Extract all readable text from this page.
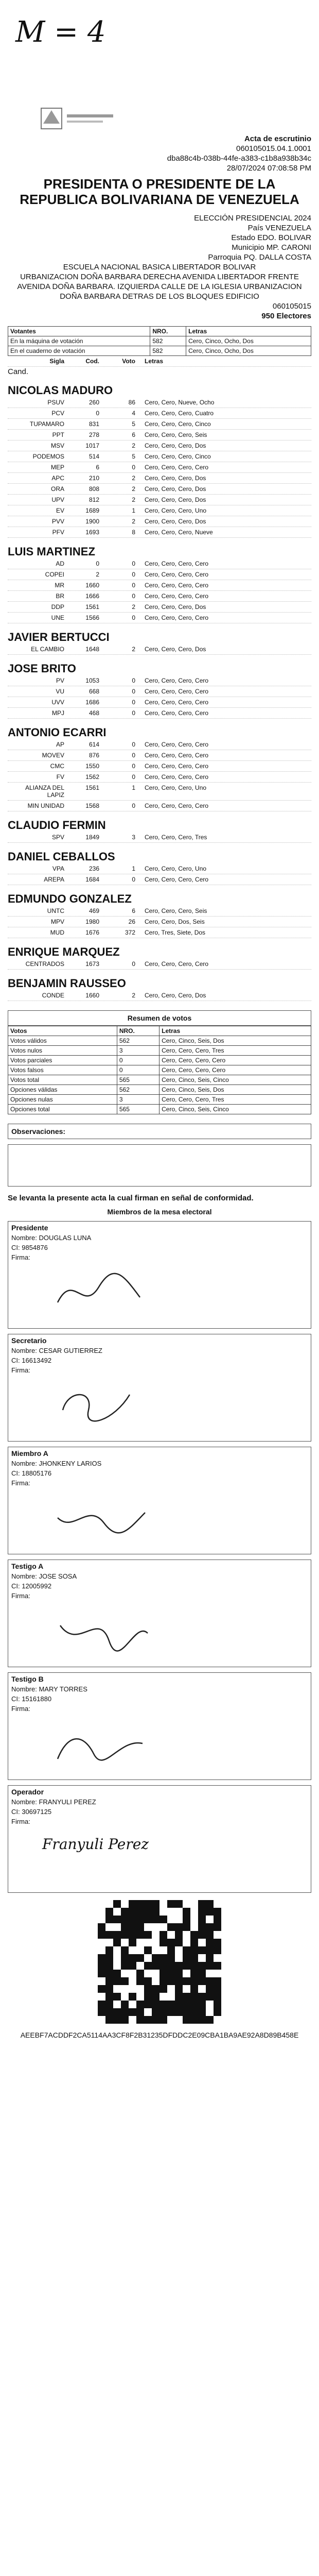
M = 4
Acta de escrutinio
060105015.04.1.0001
dba88c4b-038b-44fe-a383-c1b8a938b34c
28/07/2024 07:08:58 PM
PRESIDENTA O PRESIDENTE DE LA REPUBLICA BOLIVARIANA DE VENEZUELA
ELECCIÓN PRESIDENCIAL 2024
País VENEZUELA
Estado EDO. BOLIVAR
Municipio MP. CARONI
Parroquia PQ. DALLA COSTA
ESCUELA NACIONAL BASICA LIBERTADOR BOLIVAR
URBANIZACION DOÑA BARBARA DERECHA AVENIDA LIBERTADOR FRENTE AVENIDA DOÑA BARBARA. IZQUIERDA CALLE DE LA IGLESIA URBANIZACION DOÑA BARBARA DETRAS DE LOS BLOQUES EDIFICIO
060105015
950 Electores
Votantes	NRO.	Letras
En la máquina de votación	582	Cero, Cinco, Ocho, Dos
En el cuaderno de votación	582	Cero, Cinco, Ocho, Dos
Sigla	Cod.	Voto	Letras
Cand.
NICOLAS MADURO
PSUV	260	86	Cero, Cero, Nueve, Ocho
PCV	0	4	Cero, Cero, Cero, Cuatro
TUPAMARO	831	5	Cero, Cero, Cero, Cinco
PPT	278	6	Cero, Cero, Cero, Seis
MSV	1017	2	Cero, Cero, Cero, Dos
PODEMOS	514	5	Cero, Cero, Cero, Cinco
MEP	6	0	Cero, Cero, Cero, Cero
APC	210	2	Cero, Cero, Cero, Dos
ORA	808	2	Cero, Cero, Cero, Dos
UPV	812	2	Cero, Cero, Cero, Dos
EV	1689	1	Cero, Cero, Cero, Uno
PVV	1900	2	Cero, Cero, Cero, Dos
PFV	1693	8	Cero, Cero, Cero, Nueve
LUIS MARTINEZ
AD	0	0	Cero, Cero, Cero, Cero
COPEI	2	0	Cero, Cero, Cero, Cero
MR	1660	0	Cero, Cero, Cero, Cero
BR	1666	0	Cero, Cero, Cero, Cero
DDP	1561	2	Cero, Cero, Cero, Dos
UNE	1566	0	Cero, Cero, Cero, Cero
JAVIER BERTUCCI
EL CAMBIO	1648	2	Cero, Cero, Cero, Dos
JOSE BRITO
PV	1053	0	Cero, Cero, Cero, Cero
VU	668	0	Cero, Cero, Cero, Cero
UVV	1686	0	Cero, Cero, Cero, Cero
MPJ	468	0	Cero, Cero, Cero, Cero
ANTONIO ECARRI
AP	614	0	Cero, Cero, Cero, Cero
MOVEV	876	0	Cero, Cero, Cero, Cero
CMC	1550	0	Cero, Cero, Cero, Cero
FV	1562	0	Cero, Cero, Cero, Cero
ALIANZA DEL LAPIZ
1561	1	Cero, Cero, Cero, Uno
MIN UNIDAD	1568	0	Cero, Cero, Cero, Cero
CLAUDIO FERMIN
SPV	1849	3	Cero, Cero, Cero, Tres
DANIEL CEBALLOS
VPA	236	1	Cero, Cero, Cero, Uno
AREPA	1684	0	Cero, Cero, Cero, Cero
EDMUNDO GONZALEZ
UNTC	469	6	Cero, Cero, Cero, Seis
MPV	1980	26	Cero, Cero, Dos, Seis
MUD	1676	372	Cero, Tres, Siete, Dos
ENRIQUE MARQUEZ
CENTRADOS	1673	0	Cero, Cero, Cero, Cero
BENJAMIN RAUSSEO
CONDE	1660	2	Cero, Cero, Cero, Dos
Resumen de votos
Votos	NRO.	Letras
Votos válidos	562	Cero, Cinco, Seis, Dos
Votos nulos	3	Cero, Cero, Cero, Tres
Votos parciales	0	Cero, Cero, Cero, Cero
Votos falsos	0	Cero, Cero, Cero, Cero
Votos total	565	Cero, Cinco, Seis, Cinco
Opciones válidas	562	Cero, Cinco, Seis, Dos
Opciones nulas	3	Cero, Cero, Cero, Tres
Opciones total	565	Cero, Cinco, Seis, Cinco
Observaciones:
Se levanta la presente acta la cual firman en señal de conformidad.
Miembros de la mesa electoral
Presidente
Nombre: DOUGLAS LUNA
CI: 9854876
Firma:
Secretario
Nombre: CESAR GUTIERREZ
CI: 16613492
Firma:
Miembro A
Nombre: JHONKENY LARIOS
CI: 18805176
Firma:
Testigo A
Nombre: JOSE SOSA
CI: 12005992
Firma:
Testigo B
Nombre: MARY TORRES
CI: 15161880
Firma:
Operador
Nombre: FRANYULI PEREZ
CI: 30697125
Firma:
Franyuli Perez
AEEBF7ACDDF2CA5114AA3CF8F2B31235DFDDC2E09CBA1BA9AE92A8D89B458E
